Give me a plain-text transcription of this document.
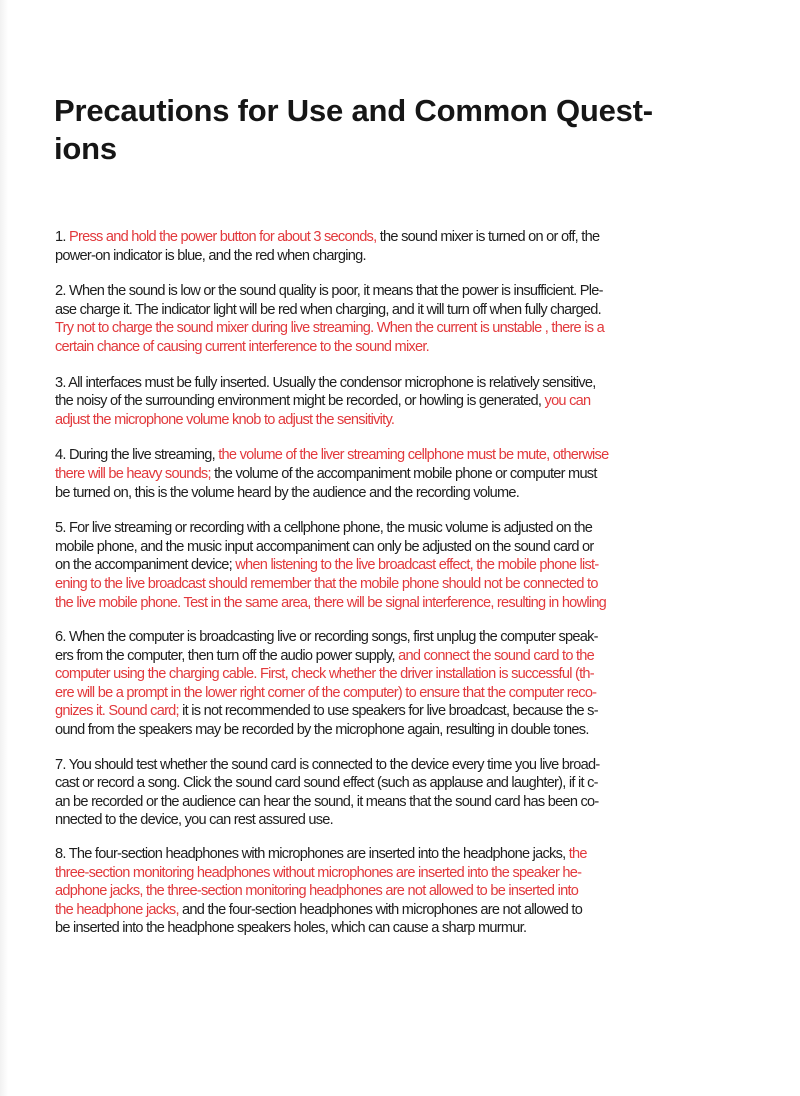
Precautions for Use and Common Quest-
ions
1. Press and hold the power button for about 3 seconds, the sound mixer is turned on or off, the
power-on indicator is blue, and the red when charging.
2. When the sound is low or the sound quality is poor, it means that the power is insufficient. Ple-
ase charge it. The indicator light will be red when charging, and it will turn off when fully charged.
Try not to charge the sound mixer during live streaming. When the current is unstable , there is a
certain chance of causing current interference to the sound mixer.
3. All interfaces must be fully inserted. Usually the condensor microphone is relatively sensitive,
the noisy of the surrounding environment might be recorded, or howling is generated, you can
adjust the microphone volume knob to adjust the sensitivity.
4. During the live streaming, the volume of the liver streaming cellphone must be mute, otherwise
there will be heavy sounds; the volume of the accompaniment mobile phone or computer must
be turned on, this is the volume heard by the audience and the recording volume.
5. For live streaming or recording with a cellphone phone, the music volume is adjusted on the
mobile phone, and the music input accompaniment can only be adjusted on the sound card or
on the accompaniment device; when listening to the live broadcast effect, the mobile phone list-
ening to the live broadcast should remember that the mobile phone should not be connected to
the live mobile phone. Test in the same area, there will be signal interference, resulting in howling
6. When the computer is broadcasting live or recording songs, first unplug the computer speak-
ers from the computer, then turn off the audio power supply, and connect the sound card to the
computer using the charging cable. First, check whether the driver installation is successful (th-
ere will be a prompt in the lower right corner of the computer) to ensure that the computer reco-
gnizes it. Sound card; it is not recommended to use speakers for live broadcast, because the s-
ound from the speakers may be recorded by the microphone again, resulting in double tones.
7. You should test whether the sound card is connected to the device every time you live broad-
cast or record a song. Click the sound card sound effect (such as applause and laughter), if it c-
an be recorded or the audience can hear the sound, it means that the sound card has been co-
nnected to the device, you can rest assured use.
8. The four-section headphones with microphones are inserted into the headphone jacks, the
three-section monitoring headphones without microphones are inserted into the speaker he-
adphone jacks, the three-section monitoring headphones are not allowed to be inserted into
the headphone jacks, and the four-section headphones with microphones are not allowed to
be inserted into the headphone speakers holes, which can cause a sharp murmur.
